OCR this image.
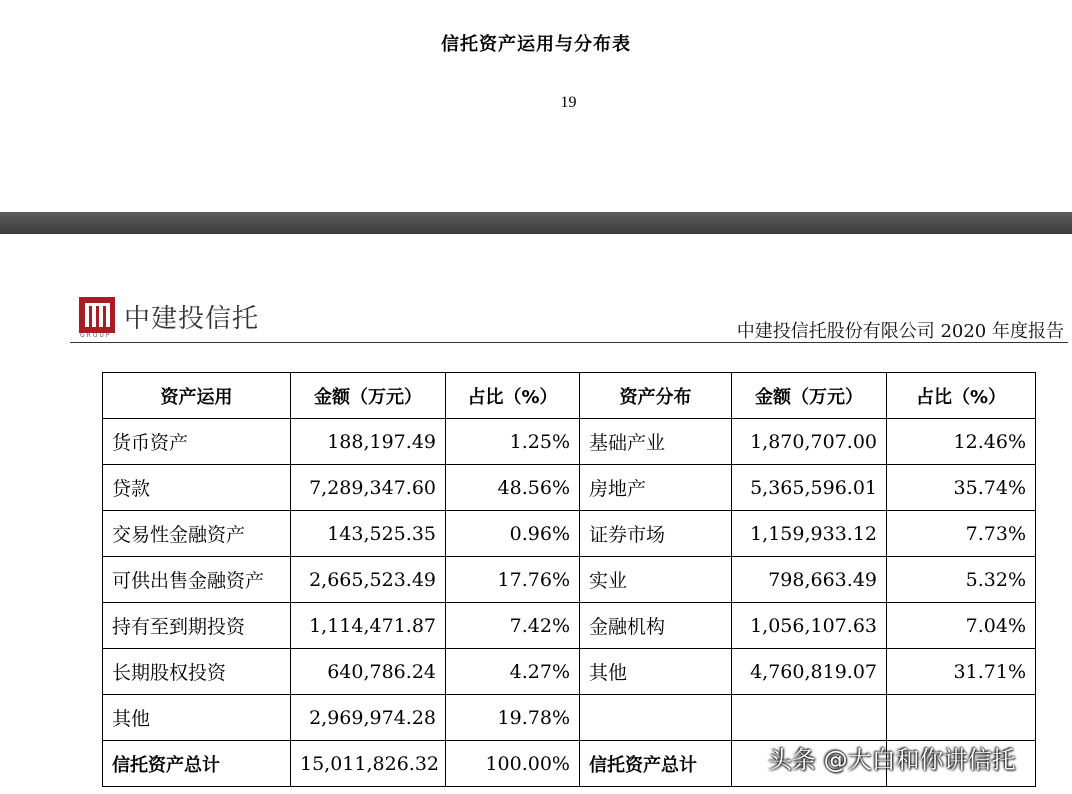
信托资产运用与分布表
19
GROUP
中建投信托	中建投信托股份有限公司 2020 年度报告
资产运用	金额（万元）	占比（%）	资产分布	金额（万元）	占比（%）
货币资产	188,197.49	1.25%	基础产业	1,870,707.00	12.46%
贷款	7,289,347.60	48.56%	房地产	5,365,596.01	35.74%
交易性金融资产	143,525.35	0.96%	证券市场	1,159,933.12	7.73%
可供出售金融资产	2,665,523.49	17.76%	实业	798,663.49	5.32%
持有至到期投资	1,114,471.87	7.42%	金融机构	1,056,107.63	7.04%
长期股权投资	640,786.24	4.27%	其他	4,760,819.07	31.71%
其他	2,969,974.28	19.78%			
信托资产总计	15,011,826.32	100.00%	信托资产总计			头条 @大白和你讲信托
